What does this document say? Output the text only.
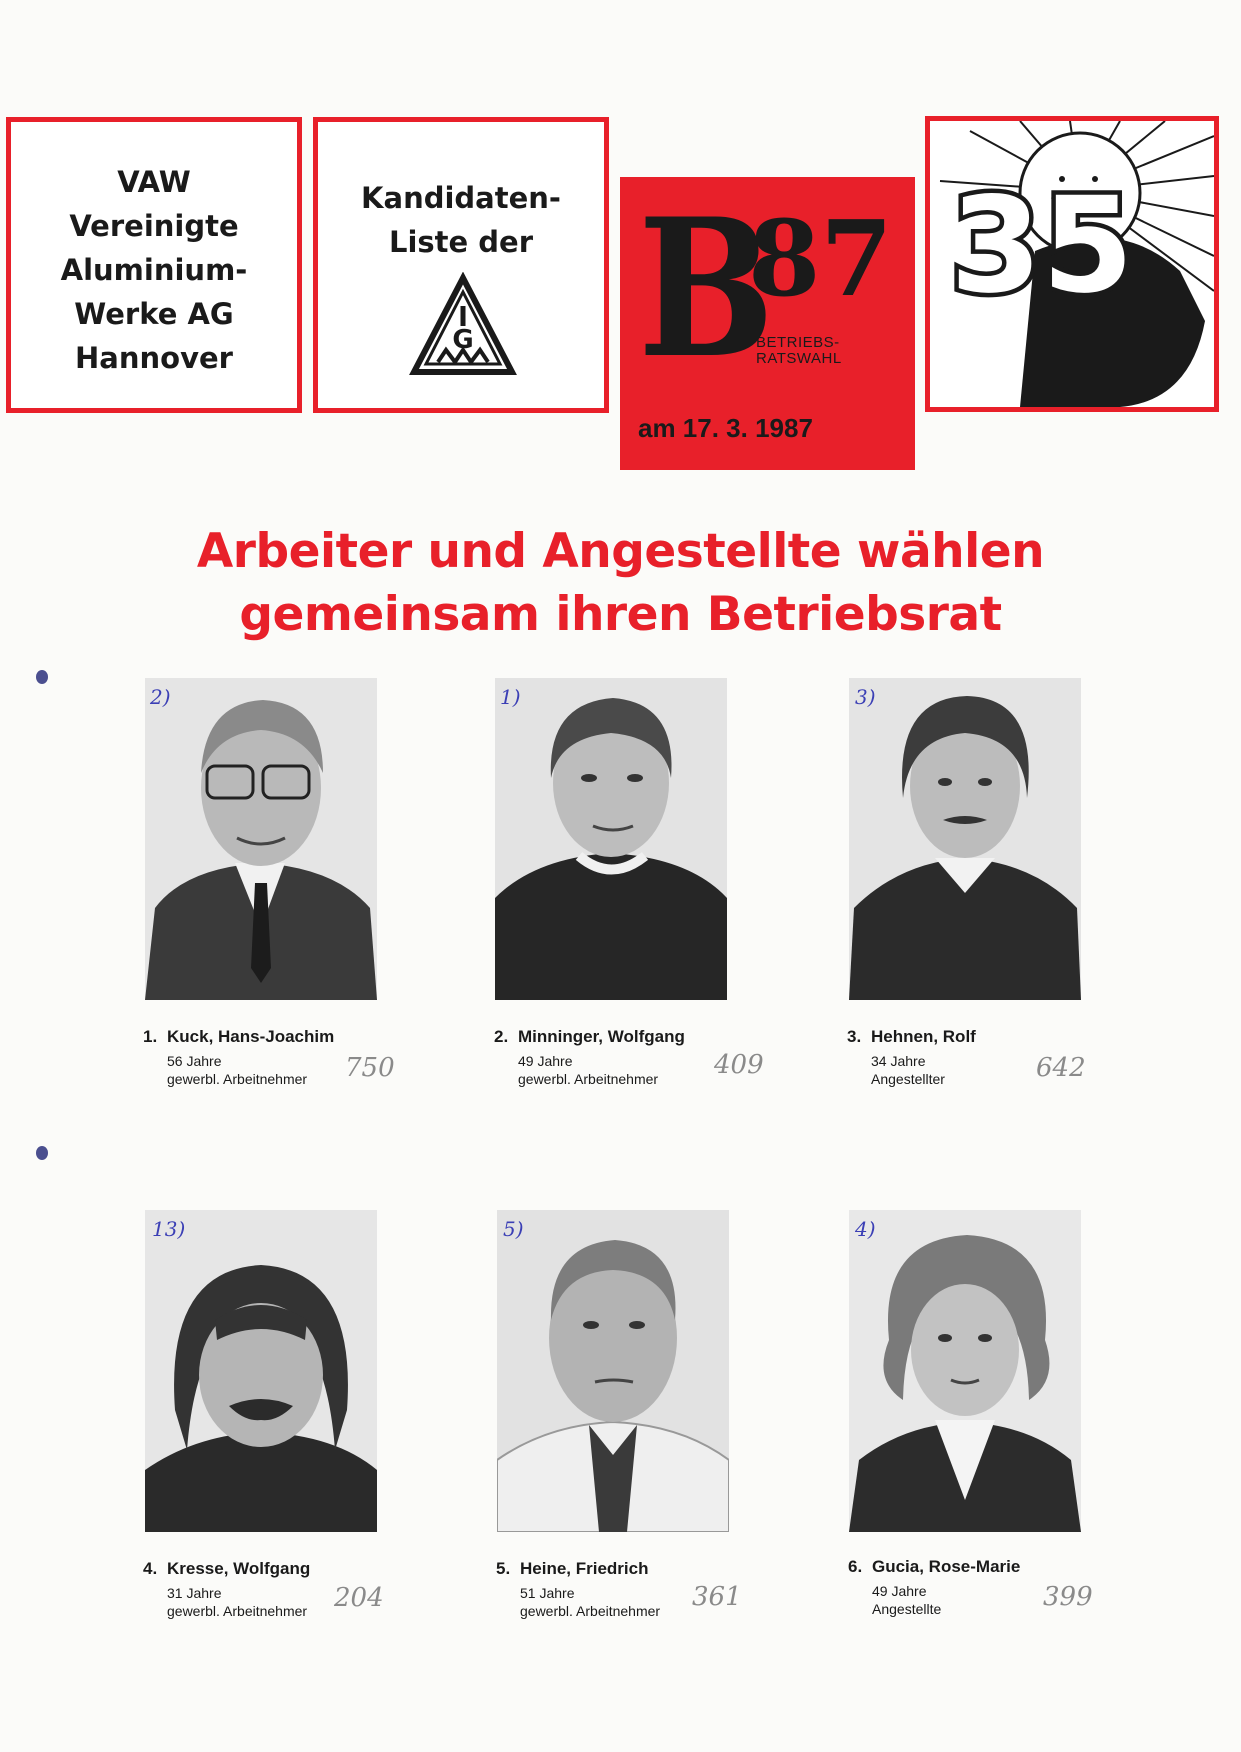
VAW
Vereinigte
Aluminium-
Werke AG
Hannover
Kandidaten-
Liste der
G B
87
BETRIEBS-
RATSWAHL
am 17. 3. 1987
35
Arbeiter und Angestellte wählen
gemeinsam ihren Betriebsrat
2)
1. Kuck, Hans-Joachim
56 Jahre
gewerbl. Arbeitnehmer	750
1)
2. Minninger, Wolfgang
49 Jahre
gewerbl. Arbeitnehmer	409
3)
3. Hehnen, Rolf
34 Jahre
Angestellter	642
13)
4. Kresse, Wolfgang
31 Jahre
gewerbl. Arbeitnehmer	204
5)
5. Heine, Friedrich
51 Jahre
gewerbl. Arbeitnehmer	361
4)
6. Gucia, Rose-Marie
49 Jahre
Angestellte	399
